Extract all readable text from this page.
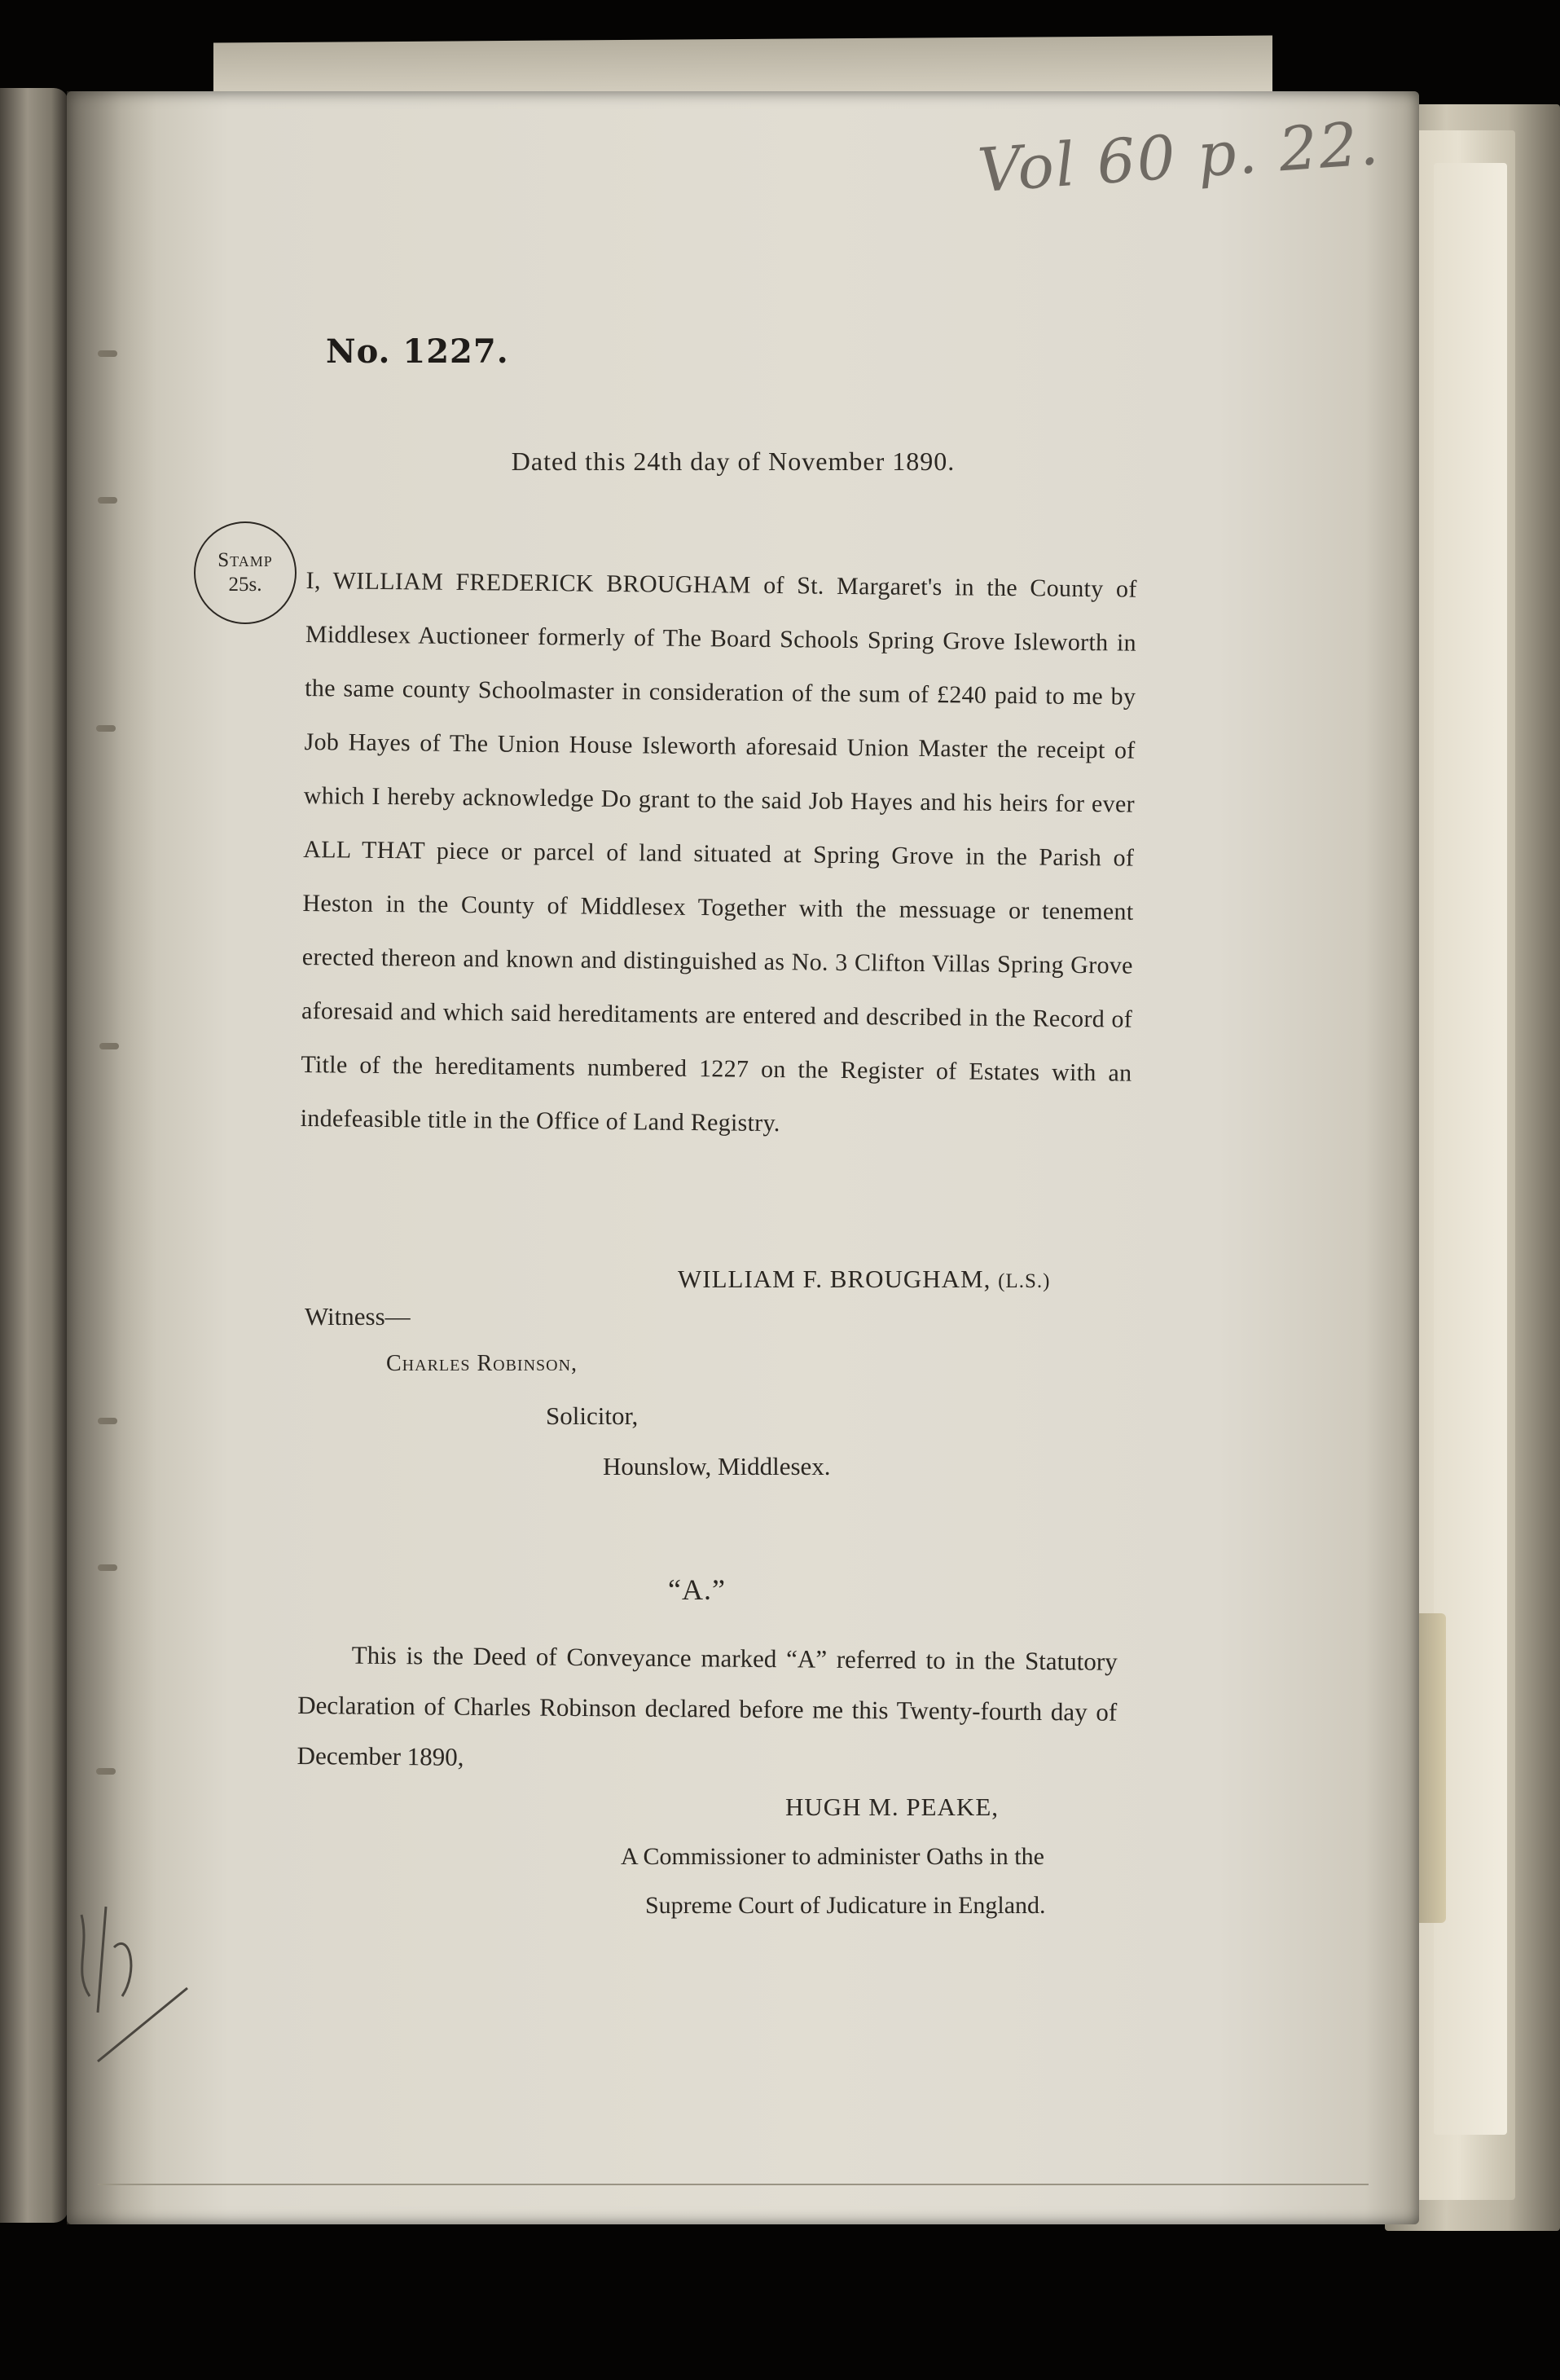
Vol 60 p. 22.
No. 1227.
Dated this 24th day of November 1890.
Stamp
25s. I, WILLIAM FREDERICK BROUGHAM of St. Margaret's in the County of Middlesex Auctioneer formerly of The Board Schools Spring Grove Isleworth in the same county Schoolmaster in consideration of the sum of £240 paid to me by Job Hayes of The Union House Isleworth aforesaid Union Master the receipt of which I hereby acknowledge Do grant to the said Job Hayes and his heirs for ever ALL THAT piece or parcel of land situated at Spring Grove in the Parish of Heston in the County of Middlesex Together with the messuage or tenement erected thereon and known and distinguished as No. 3 Clifton Villas Spring Grove aforesaid and which said hereditaments are entered and described in the Record of Title of the hereditaments numbered 1227 on the Register of Estates with an indefeasible title in the Office of Land Registry.
WILLIAM F. BROUGHAM, (L.S.)
Witness—
Charles Robinson,
Solicitor,
Hounslow, Middlesex.
“A.”
This is the Deed of Conveyance marked “A” referred to in the Statutory Declaration of Charles Robinson declared before me this Twenty-fourth day of December 1890,
HUGH M. PEAKE,
A Commissioner to administer Oaths in the
Supreme Court of Judicature in England.
